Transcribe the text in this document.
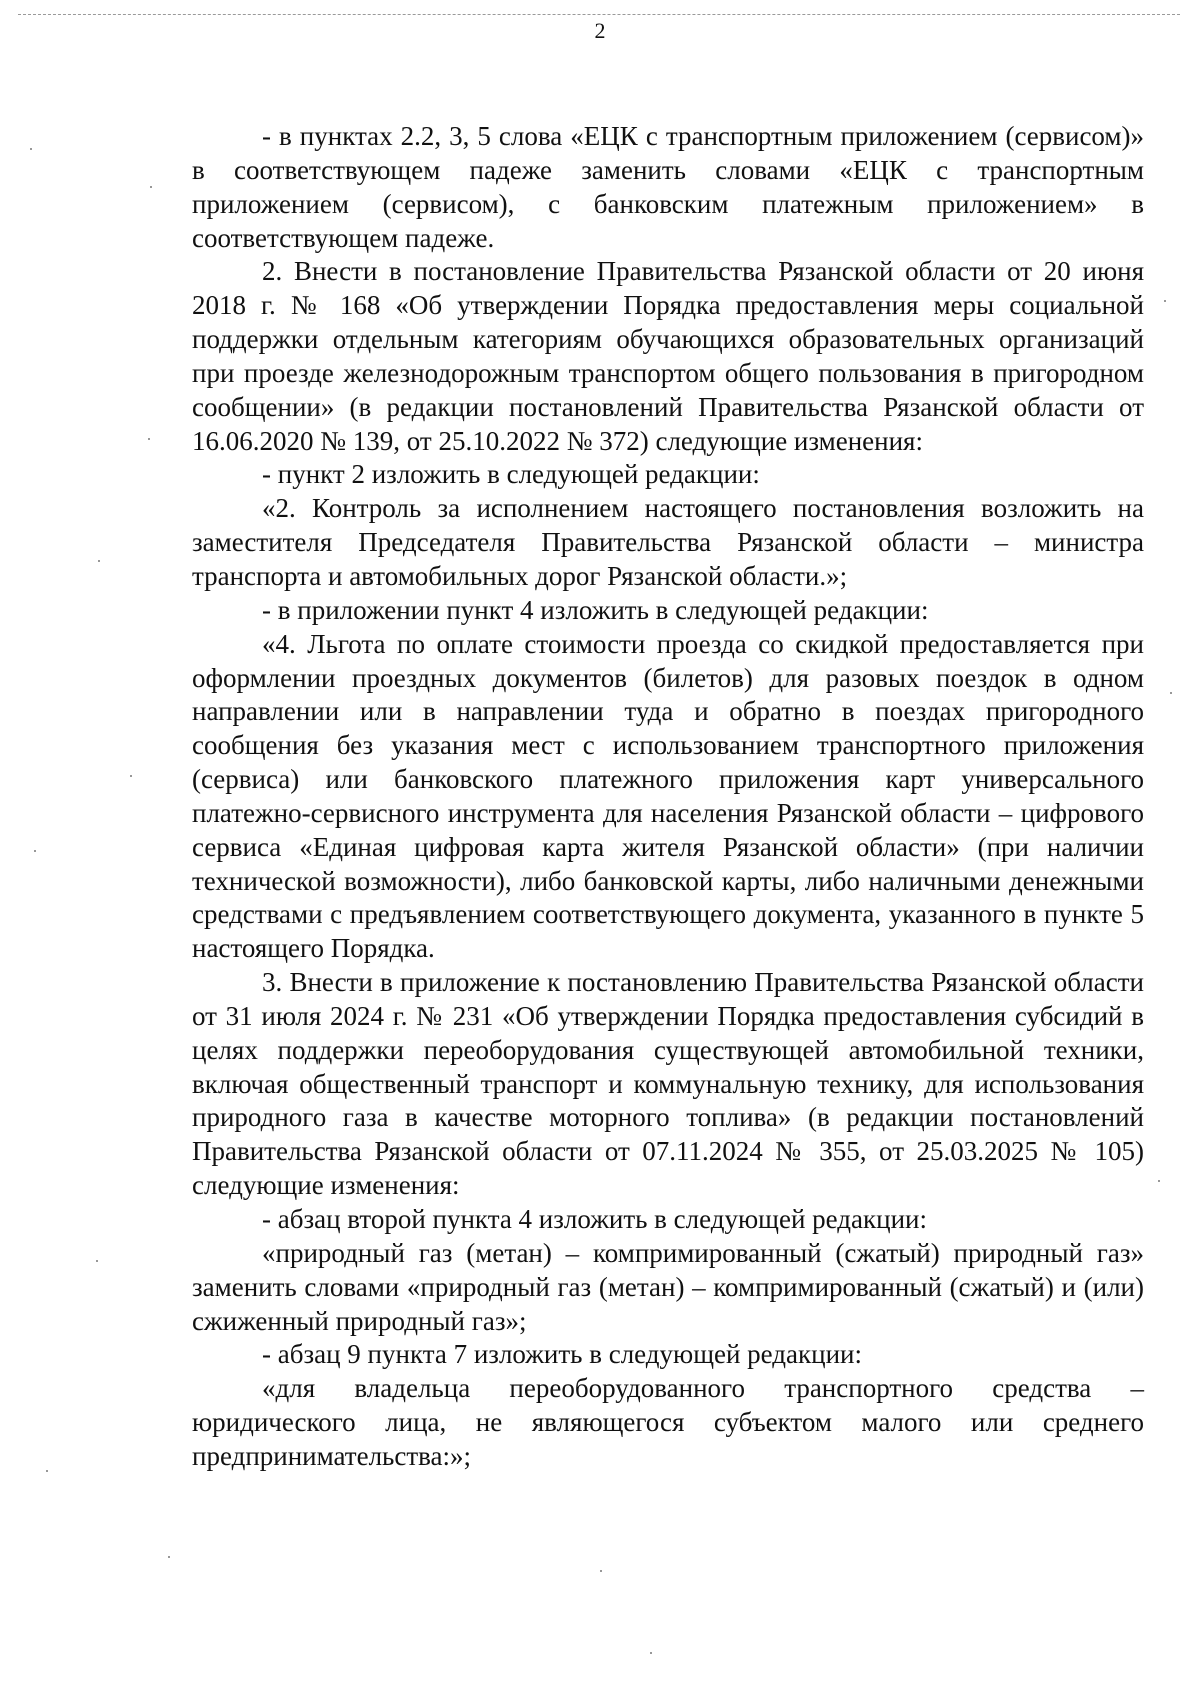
2

- в пунктах 2.2, 3, 5 слова «ЕЦК с транспортным приложением (сервисом)» в соответствующем падеже заменить словами «ЕЦК с транспортным приложением (сервисом), с банковским платежным приложением» в соответствующем падеже.

2. Внести в постановление Правительства Рязанской области от 20 июня 2018 г. № 168 «Об утверждении Порядка предоставления меры социальной поддержки отдельным категориям обучающихся образовательных организаций при проезде железнодорожным транспортом общего пользования в пригородном сообщении» (в редакции постановлений Правительства Рязанской области от 16.06.2020 № 139, от 25.10.2022 № 372) следующие изменения:

- пункт 2 изложить в следующей редакции:

«2. Контроль за исполнением настоящего постановления возложить на заместителя Председателя Правительства Рязанской области – министра транспорта и автомобильных дорог Рязанской области.»;

- в приложении пункт 4 изложить в следующей редакции:

«4. Льгота по оплате стоимости проезда со скидкой предоставляется при оформлении проездных документов (билетов) для разовых поездок в одном направлении или в направлении туда и обратно в поездах пригородного сообщения без указания мест с использованием транспортного приложения (сервиса) или банковского платежного приложения карт универсального платежно-сервисного инструмента для населения Рязанской области – цифрового сервиса «Единая цифровая карта жителя Рязанской области» (при наличии технической возможности), либо банковской карты, либо наличными денежными средствами с предъявлением соответствующего документа, указанного в пункте 5 настоящего Порядка.

3. Внести в приложение к постановлению Правительства Рязанской области от 31 июля 2024 г. № 231 «Об утверждении Порядка предоставления субсидий в целях поддержки переоборудования существующей автомобильной техники, включая общественный транспорт и коммунальную технику, для использования природного газа в качестве моторного топлива» (в редакции постановлений Правительства Рязанской области от 07.11.2024 № 355, от 25.03.2025 № 105) следующие изменения:

- абзац второй пункта 4 изложить в следующей редакции:

«природный газ (метан) – компримированный (сжатый) природный газ» заменить словами «природный газ (метан) – компримированный (сжатый) и (или) сжиженный природный газ»;

- абзац 9 пункта 7 изложить в следующей редакции:

«для владельца переоборудованного транспортного средства – юридического лица, не являющегося субъектом малого или среднего предпринимательства:»;
